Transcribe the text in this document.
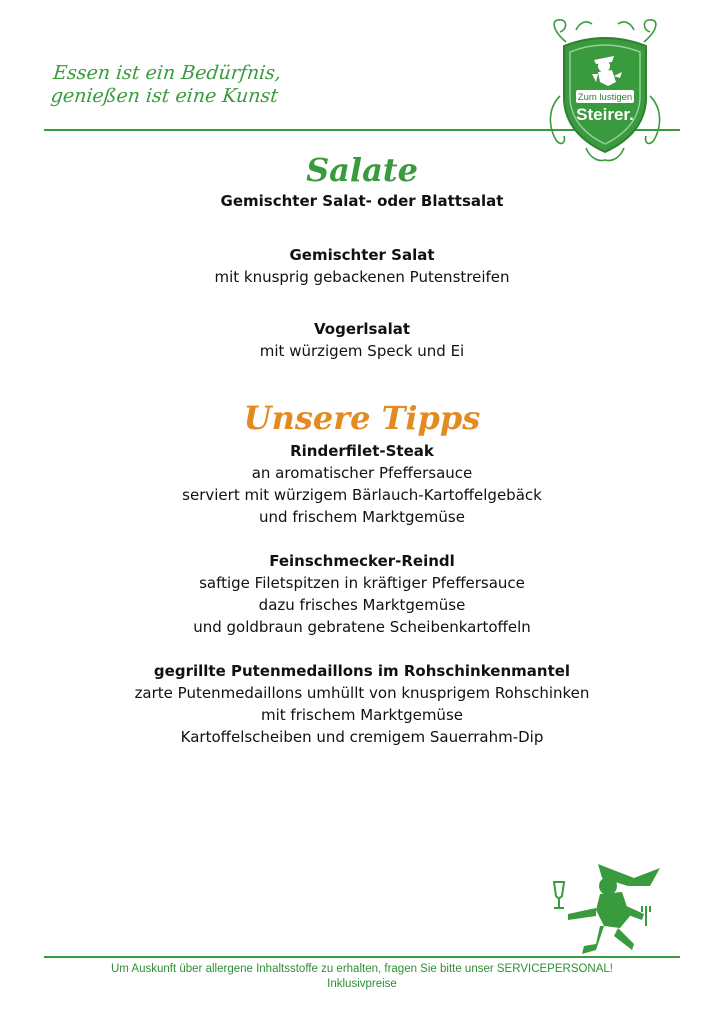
Essen ist ein Bedürfnis,
genießen ist eine Kunst	Zum lustigen
Steirer.
Salate
Gemischter Salat- oder Blattsalat
Gemischter Salat
mit knusprig gebackenen Putenstreifen
Vogerlsalat
mit würzigem Speck und Ei
Unsere Tipps
Rinderfilet-Steak
an aromatischer Pfeffersauce
serviert mit würzigem Bärlauch-Kartoffelgebäck
und frischem Marktgemüse
Feinschmecker-Reindl
saftige Filetspitzen in kräftiger Pfeffersauce
dazu frisches Marktgemüse
und goldbraun gebratene Scheibenkartoffeln
gegrillte Putenmedaillons im Rohschinkenmantel
zarte Putenmedaillons umhüllt von knusprigem Rohschinken
mit frischem Marktgemüse
Kartoffelscheiben und cremigem Sauerrahm-Dip
Um Auskunft über allergene Inhaltsstoffe zu erhalten, fragen Sie bitte unser SERVICEPERSONAL!
Inklusivpreise
